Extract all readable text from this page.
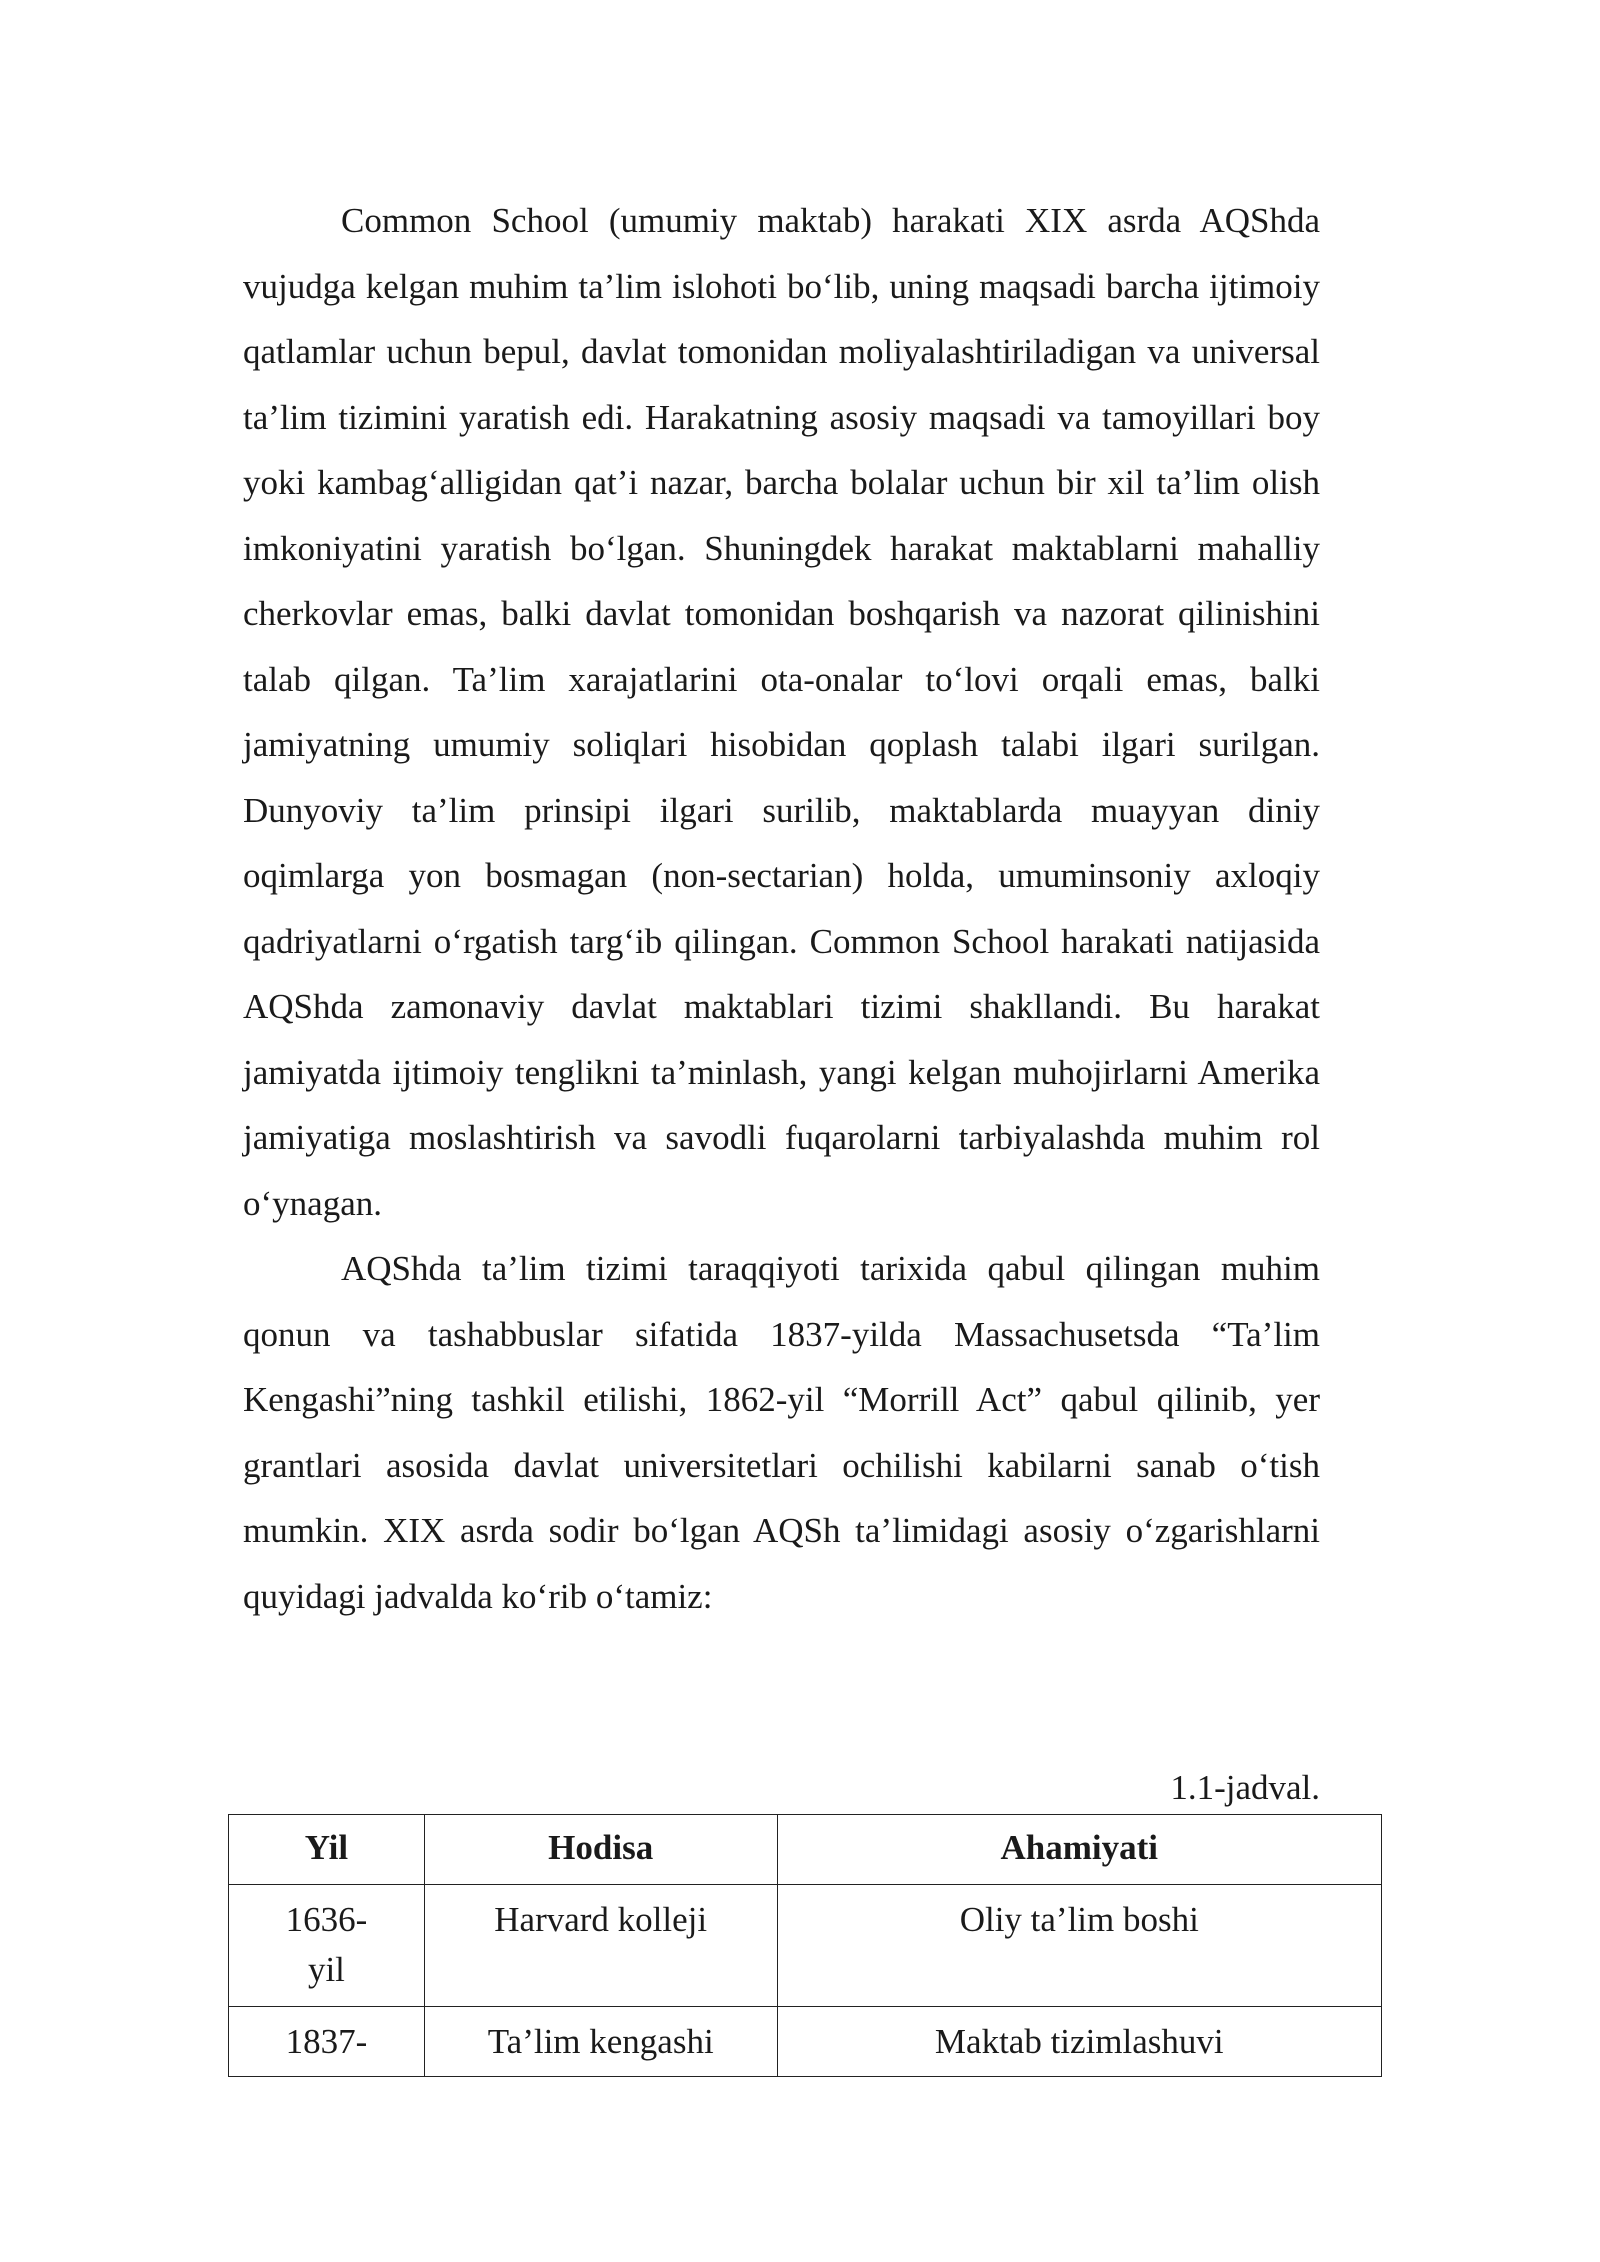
Common School (umumiy maktab) harakati XIX asrda AQShda vujudga kelgan muhim ta’lim islohoti bo‘lib, uning maqsadi barcha ijtimoiy qatlamlar uchun bepul, davlat tomonidan moliyalashtiriladigan va universal ta’lim tizimini yaratish edi. Harakatning asosiy maqsadi va tamoyillari boy yoki kambag‘alligidan qat’i nazar, barcha bolalar uchun bir xil ta’lim olish imkoniyatini yaratish bo‘lgan. Shuningdek harakat maktablarni mahalliy cherkovlar emas, balki davlat tomonidan boshqarish va nazorat qilinishini talab qilgan. Ta’lim xarajatlarini ota-onalar to‘lovi orqali emas, balki jamiyatning umumiy soliqlari hisobidan qoplash talabi ilgari surilgan. Dunyoviy ta’lim prinsipi ilgari surilib, maktablarda muayyan diniy oqimlarga yon bosmagan (non-sectarian) holda, umuminsoniy axloqiy qadriyatlarni o‘rgatish targ‘ib qilingan. Common School harakati natijasida AQShda zamonaviy davlat maktablari tizimi shakllandi. Bu harakat jamiyatda ijtimoiy tenglikni ta’minlash, yangi kelgan muhojirlarni Amerika jamiyatiga moslashtirish va savodli fuqarolarni tarbiyalashda muhim rol o‘ynagan.

AQShda ta’lim tizimi taraqqiyoti tarixida qabul qilingan muhim qonun va tashabbuslar sifatida 1837-yilda Massachusetsda “Ta’lim Kengashi”ning tashkil etilishi, 1862-yil “Morrill Act” qabul qilinib, yer grantlari asosida davlat universitetlari ochilishi kabilarni sanab o‘tish mumkin. XIX asrda sodir bo‘lgan AQSh ta’limidagi asosiy o‘zgarishlarni quyidagi jadvalda ko‘rib o‘tamiz:

1.1-jadval.
Yil	Hodisa	Ahamiyati
1636-yil	Harvard kolleji	Oliy ta’lim boshi
1837-	Ta’lim kengashi	Maktab tizimlashuvi
